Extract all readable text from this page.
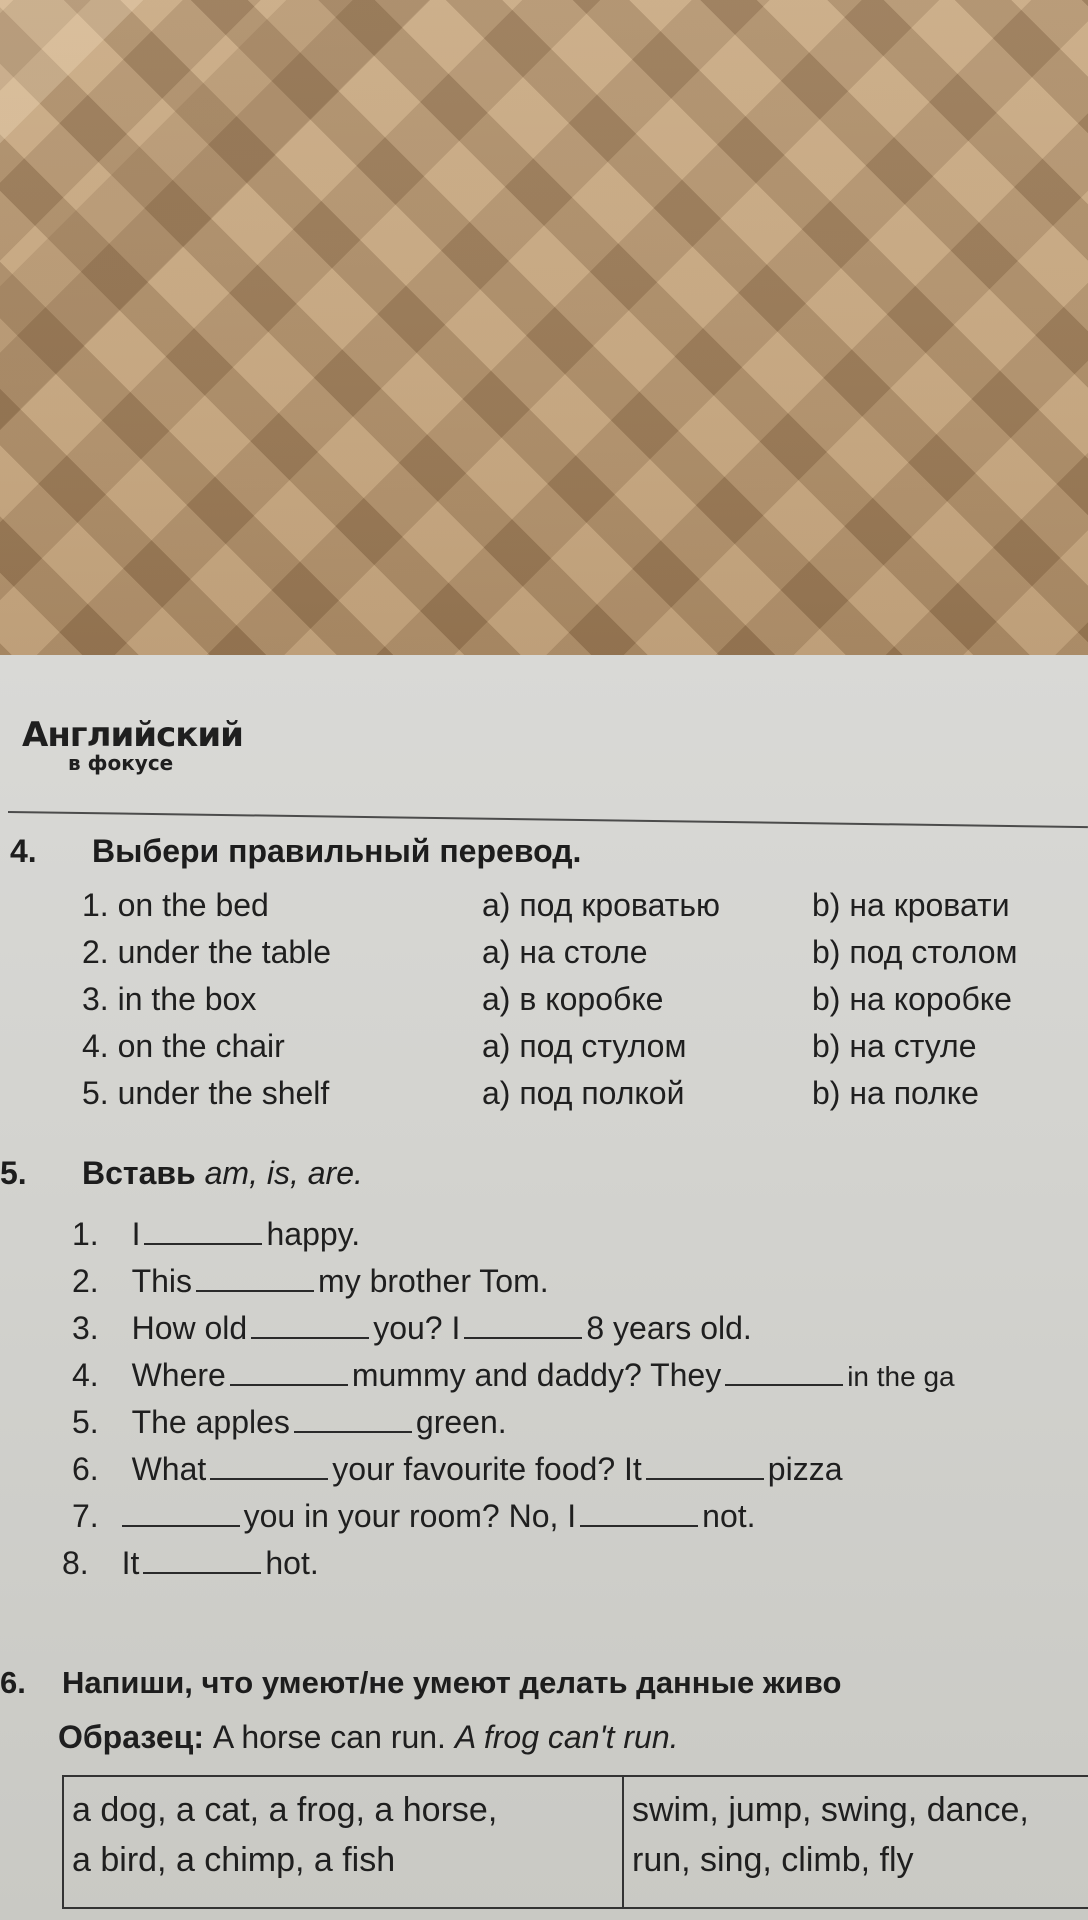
Английский
в фокусе
4. Выбери правильный перевод.
1. on the bed	a) под кроватью	b) на кровати
2. under the table	a) на столе	b) под столом
3. in the box	a) в коробке	b) на коробке
4. on the chair	a) под стулом	b) на стуле
5. under the shelf	a) под полкой	b) на полке
5. Вставь am, is, are.
1. I	happy.
2. This	my brother Tom.
3. How old	you? I	8 years old.
4. Where	mummy and daddy? They	in the ga
5. The apples	green.
6. What	your favourite food? It	pizza
7.	you in your room? No, I	not.
8. It	hot.
6. Напиши, что умеют/не умеют делать данные живо
Образец: A horse can run. A frog can't run.
a dog, a cat, a frog, a horse,
a bird, a chimp, a fish
swim, jump, swing, dance,
run, sing, climb, fly
